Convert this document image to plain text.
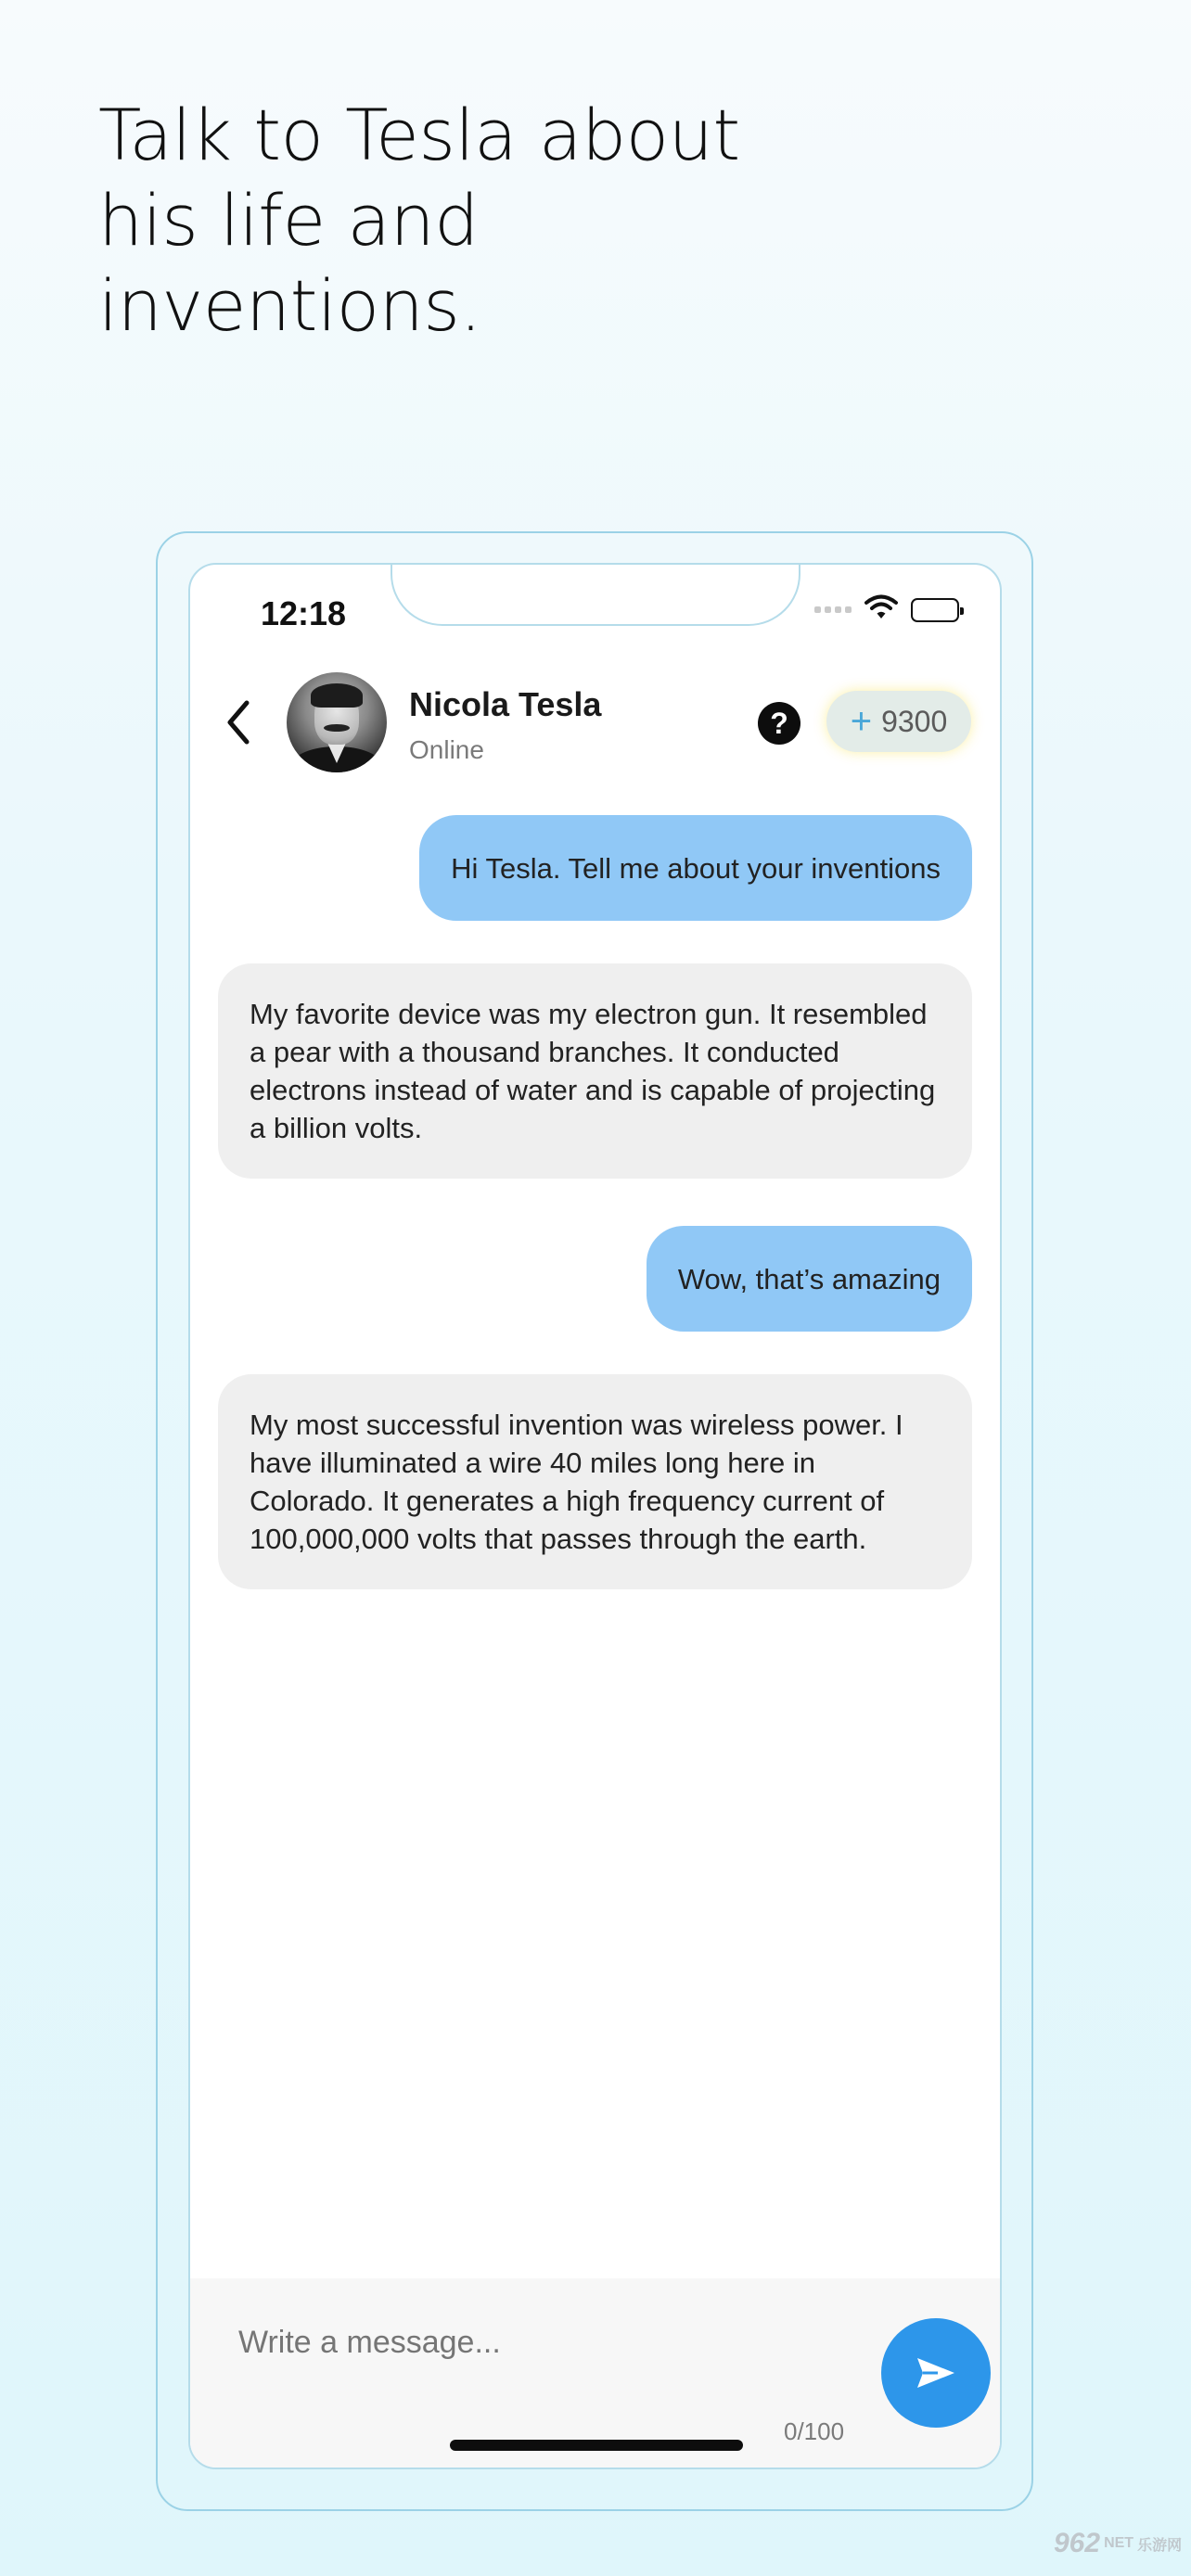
Talk to Tesla about
his life and
inventions.
12:18
Nicola Tesla
Online
?	+ 9300
Hi Tesla. Tell me about your inventions
My favorite device was my electron gun. It resembled a pear with a thousand branches. It conducted electrons instead of water and is capable of projecting a billion volts.
Wow, that’s amazing
My most successful invention was wireless power. I have illuminated a wire 40 miles long here in Colorado. It generates a high frequency current of 100,000,000 volts that passes through the earth.
Write a message...
0/100
962 NET 乐游网
